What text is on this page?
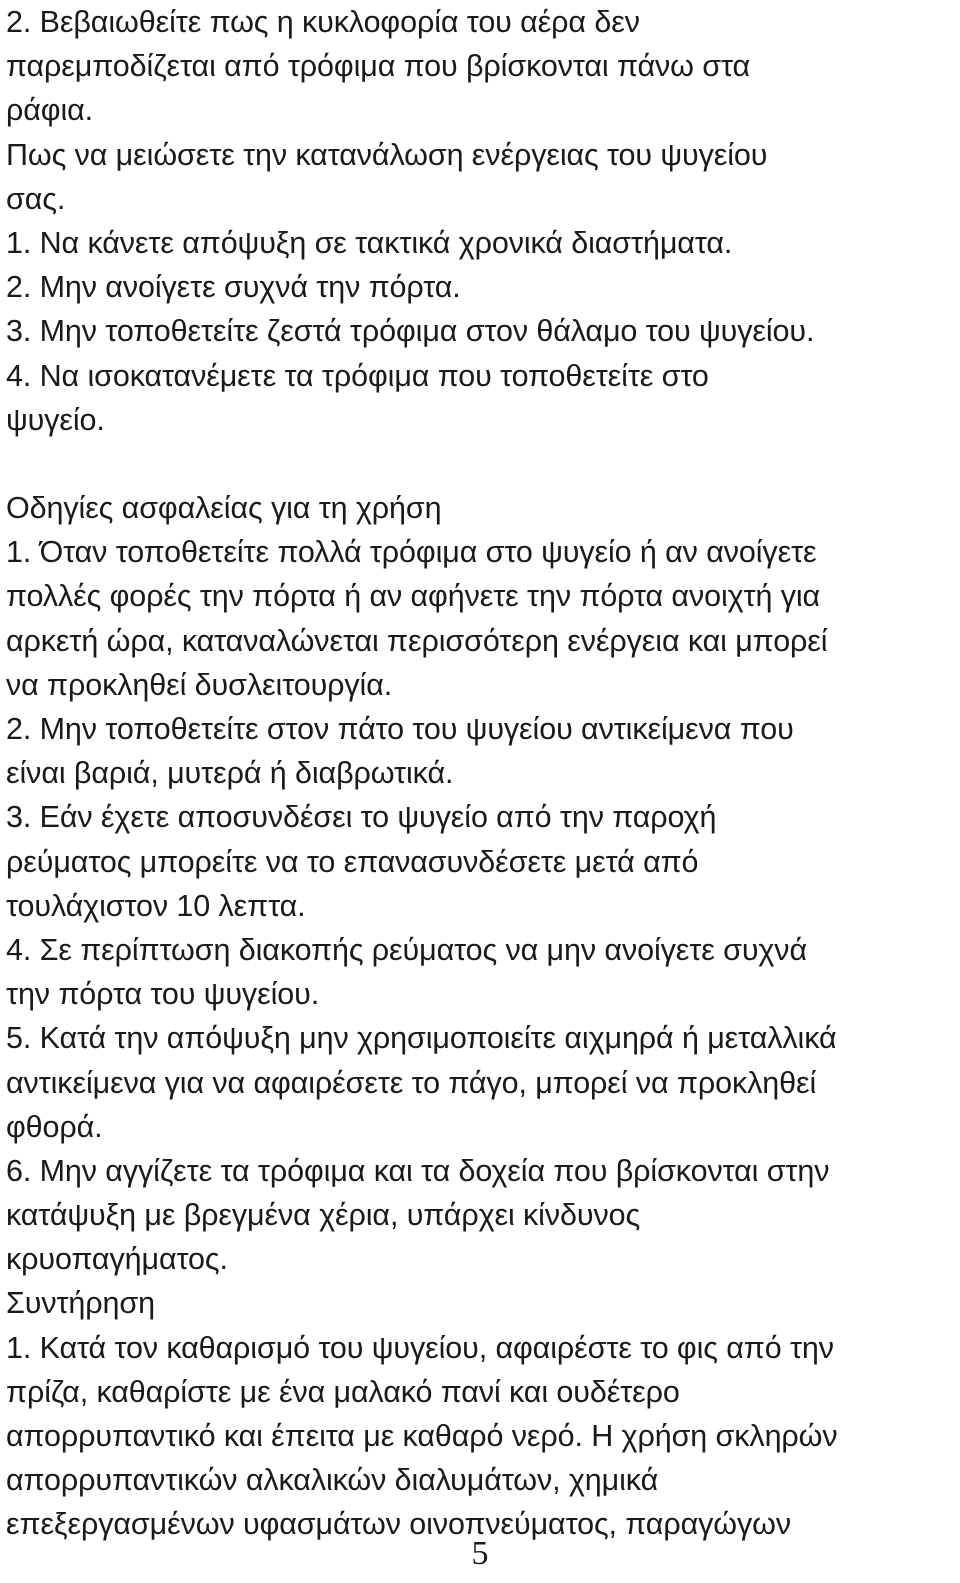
2. Βεβαιωθείτε πως η κυκλοφορία του αέρα δεν
παρεμποδίζεται από τρόφιμα που βρίσκονται πάνω στα
ράφια.
Πως να μειώσετε την κατανάλωση ενέργειας του ψυγείου
σας.
1. Να κάνετε απόψυξη σε τακτικά χρονικά διαστήματα.
2. Μην ανοίγετε συχνά την πόρτα.
3. Μην τοποθετείτε ζεστά τρόφιμα στον θάλαμο του ψυγείου.
4. Να ισοκατανέμετε τα τρόφιμα που τοποθετείτε στο
ψυγείο.
Οδηγίες ασφαλείας για τη χρήση
1. Όταν τοποθετείτε πολλά τρόφιμα στο ψυγείο ή αν ανοίγετε
πολλές φορές την πόρτα ή αν αφήνετε την πόρτα ανοιχτή για
αρκετή ώρα, καταναλώνεται περισσότερη ενέργεια και μπορεί
να προκληθεί δυσλειτουργία.
2. Μην τοποθετείτε στον πάτο του ψυγείου αντικείμενα που
είναι βαριά, μυτερά ή διαβρωτικά.
3. Εάν έχετε αποσυνδέσει το ψυγείο από την παροχή
ρεύματος μπορείτε να το επανασυνδέσετε μετά από
τουλάχιστον 10 λεπτα.
4. Σε περίπτωση διακοπής ρεύματος να μην ανοίγετε συχνά
την πόρτα του ψυγείου.
5. Κατά την απόψυξη μην χρησιμοποιείτε αιχμηρά ή μεταλλικά
αντικείμενα για να αφαιρέσετε το πάγο, μπορεί να προκληθεί
φθορά.
6. Μην αγγίζετε τα τρόφιμα και τα δοχεία που βρίσκονται στην
κατάψυξη με βρεγμένα χέρια, υπάρχει κίνδυνος
κρυοπαγήματος.
Συντήρηση
1. Κατά τον καθαρισμό του ψυγείου, αφαιρέστε το φις από την
πρίζα, καθαρίστε με ένα μαλακό πανί και ουδέτερο
απορρυπαντικό και έπειτα με καθαρό νερό. Η χρήση σκληρών
απορρυπαντικών αλκαλικών διαλυμάτων, χημικά
επεξεργασμένων υφασμάτων οινοπνεύματος, παραγώγων
5
